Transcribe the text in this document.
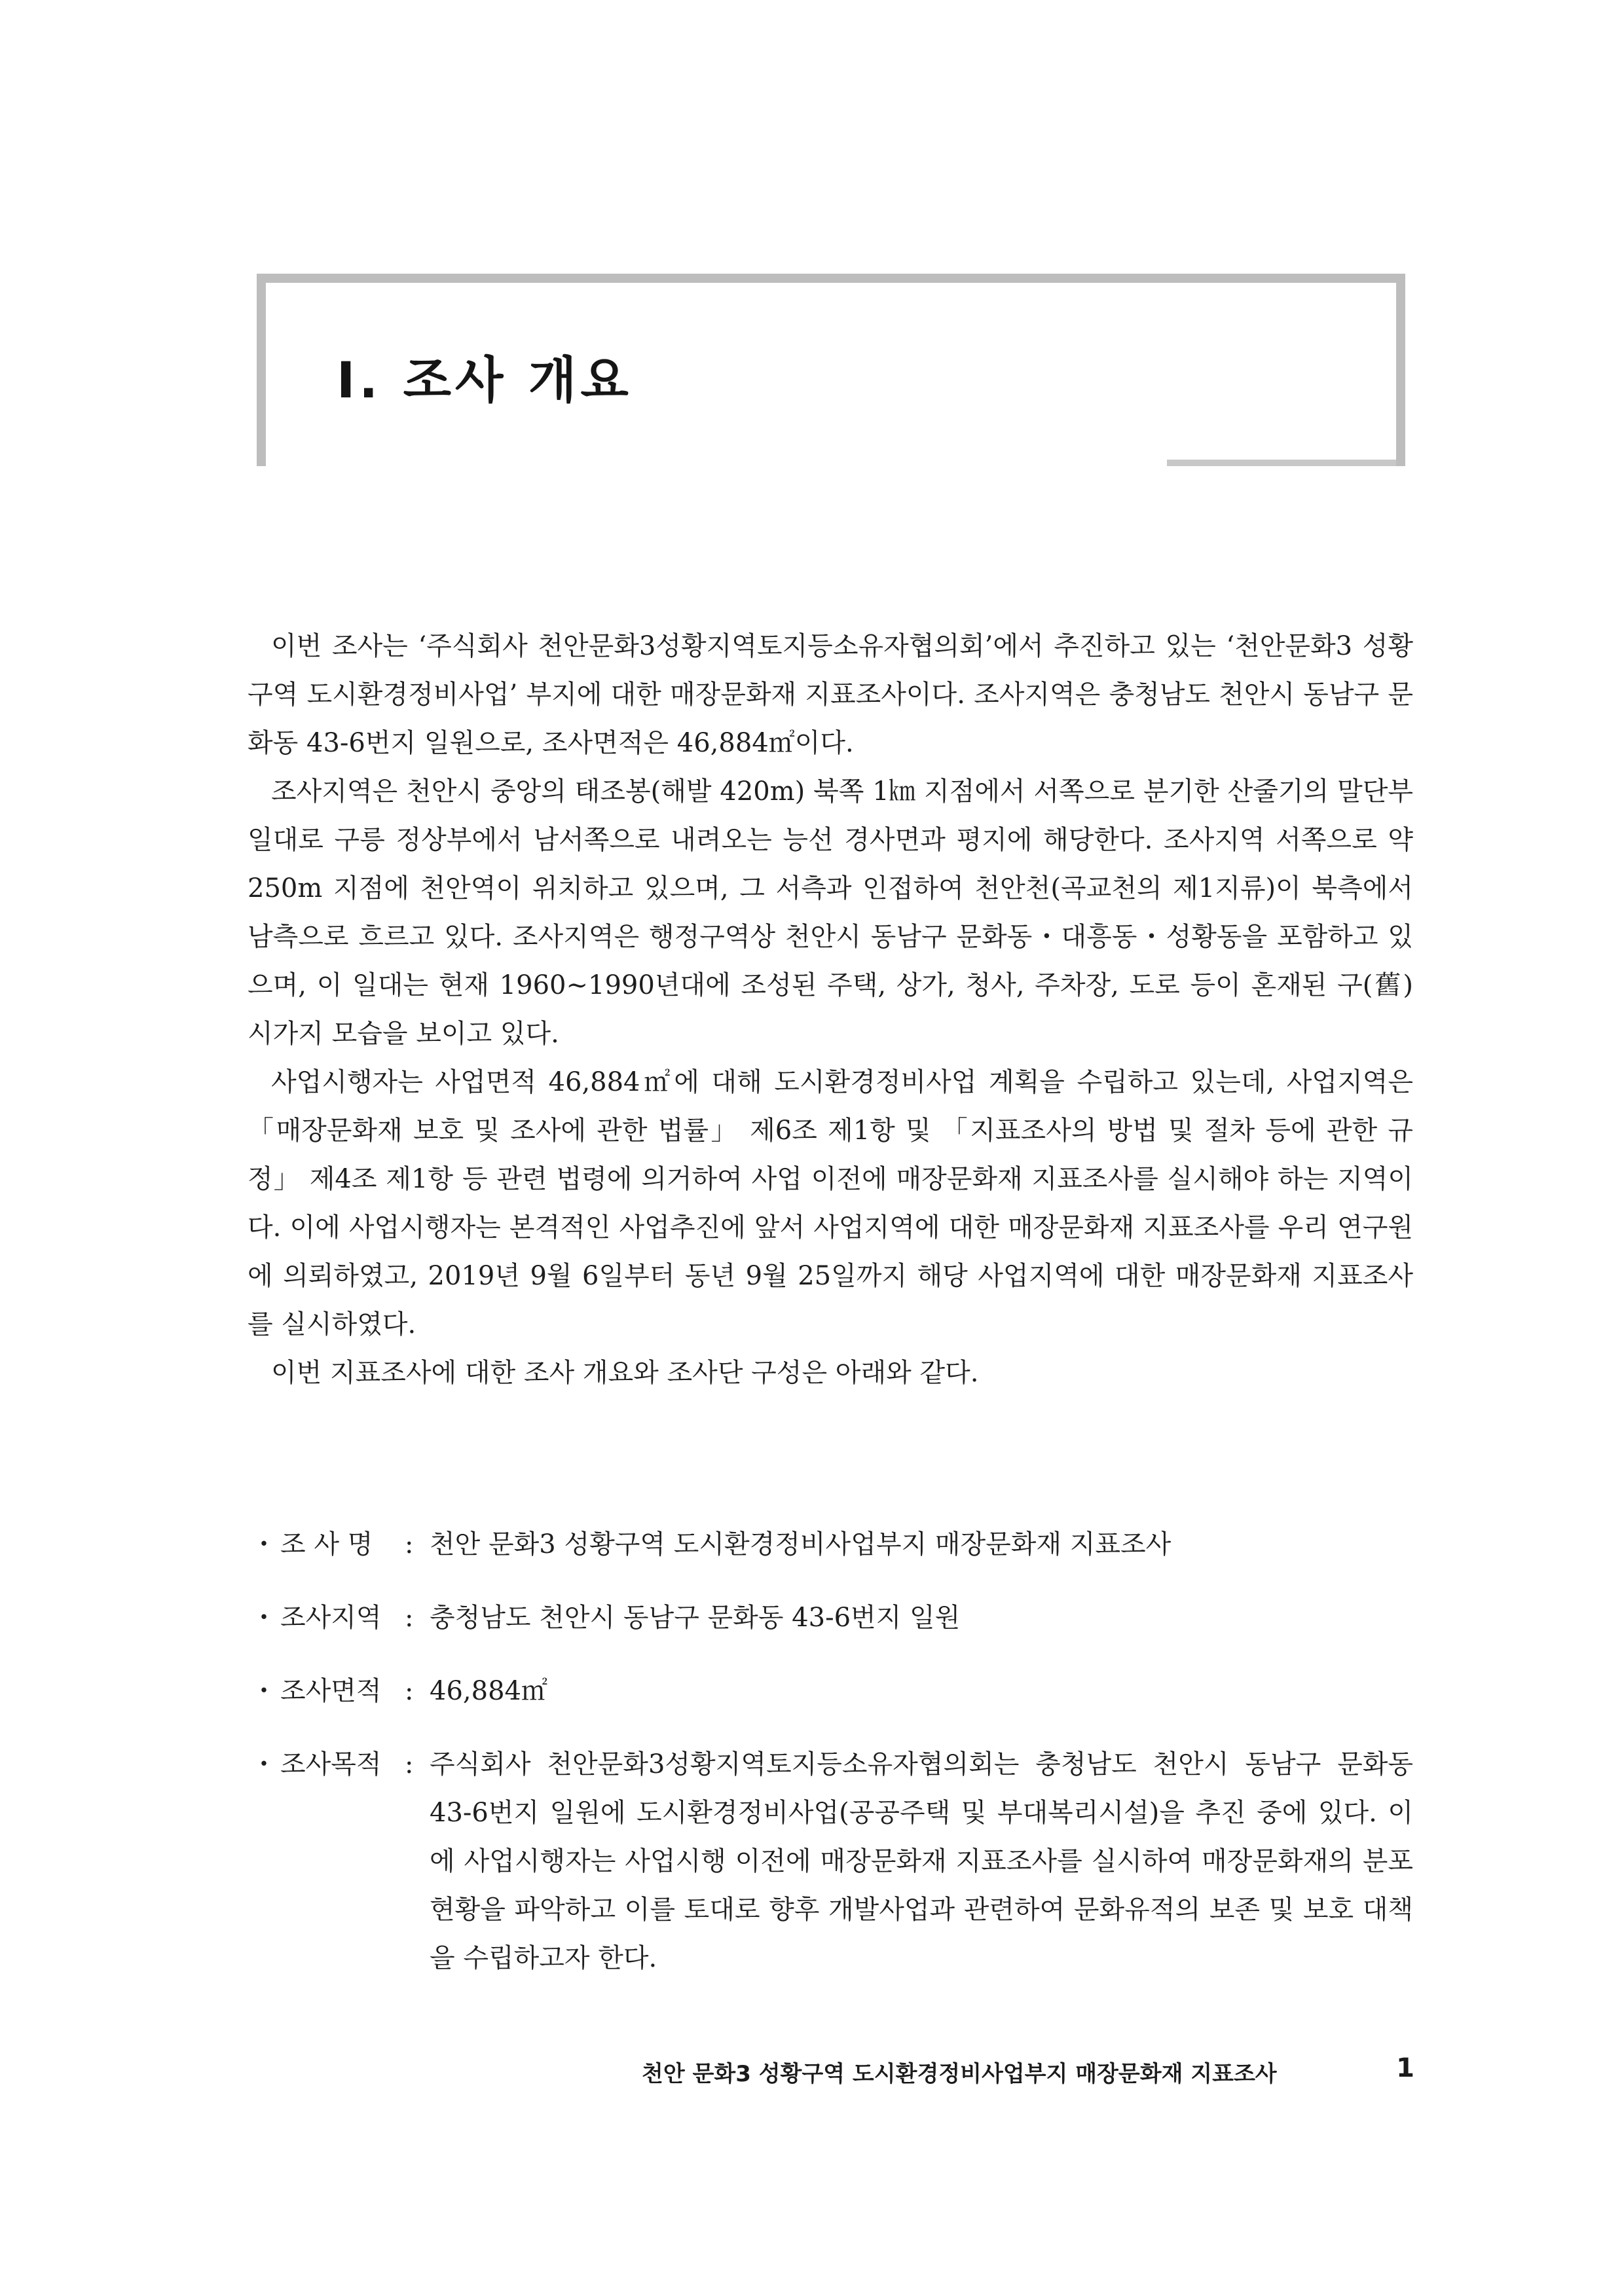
Ⅰ. 조사 개요

이번 조사는 ‘주식회사 천안문화3성황지역토지등소유자협의회’에서 추진하고 있는 ‘천안문화3 성황구역 도시환경정비사업’ 부지에 대한 매장문화재 지표조사이다. 조사지역은 충청남도 천안시 동남구 문화동 43-6번지 일원으로, 조사면적은 46,884㎡이다.

조사지역은 천안시 중앙의 태조봉(해발 420m) 북쪽 1㎞ 지점에서 서쪽으로 분기한 산줄기의 말단부 일대로 구릉 정상부에서 남서쪽으로 내려오는 능선 경사면과 평지에 해당한다. 조사지역 서쪽으로 약 250m 지점에 천안역이 위치하고 있으며, 그 서측과 인접하여 천안천(곡교천의 제1지류)이 북측에서 남측으로 흐르고 있다. 조사지역은 행정구역상 천안시 동남구 문화동・대흥동・성황동을 포함하고 있으며, 이 일대는 현재 1960∼1990년대에 조성된 주택, 상가, 청사, 주차장, 도로 등이 혼재된 구(舊) 시가지 모습을 보이고 있다.

사업시행자는 사업면적 46,884㎡에 대해 도시환경정비사업 계획을 수립하고 있는데, 사업지역은 「매장문화재 보호 및 조사에 관한 법률」 제6조 제1항 및 「지표조사의 방법 및 절차 등에 관한 규정」 제4조 제1항 등 관련 법령에 의거하여 사업 이전에 매장문화재 지표조사를 실시해야 하는 지역이다. 이에 사업시행자는 본격적인 사업추진에 앞서 사업지역에 대한 매장문화재 지표조사를 우리 연구원에 의뢰하였고, 2019년 9월 6일부터 동년 9월 25일까지 해당 사업지역에 대한 매장문화재 지표조사를 실시하였다.

이번 지표조사에 대한 조사 개요와 조사단 구성은 아래와 같다.

・ 조 사 명	: 천안 문화3 성황구역 도시환경정비사업부지 매장문화재 지표조사
・ 조사지역 : 충청남도 천안시 동남구 문화동 43-6번지 일원
・ 조사면적 : 46,884㎡
・ 조사목적 : 주식회사 천안문화3성황지역토지등소유자협의회는 충청남도 천안시 동남구 문화동 43-6번지 일원에 도시환경정비사업(공공주택 및 부대복리시설)을 추진 중에 있다. 이에 사업시행자는 사업시행 이전에 매장문화재 지표조사를 실시하여 매장문화재의 분포현황을 파악하고 이를 토대로 향후 개발사업과 관련하여 문화유적의 보존 및 보호 대책을 수립하고자 한다.
천안 문화3 성황구역 도시환경정비사업부지 매장문화재 지표조사	1
